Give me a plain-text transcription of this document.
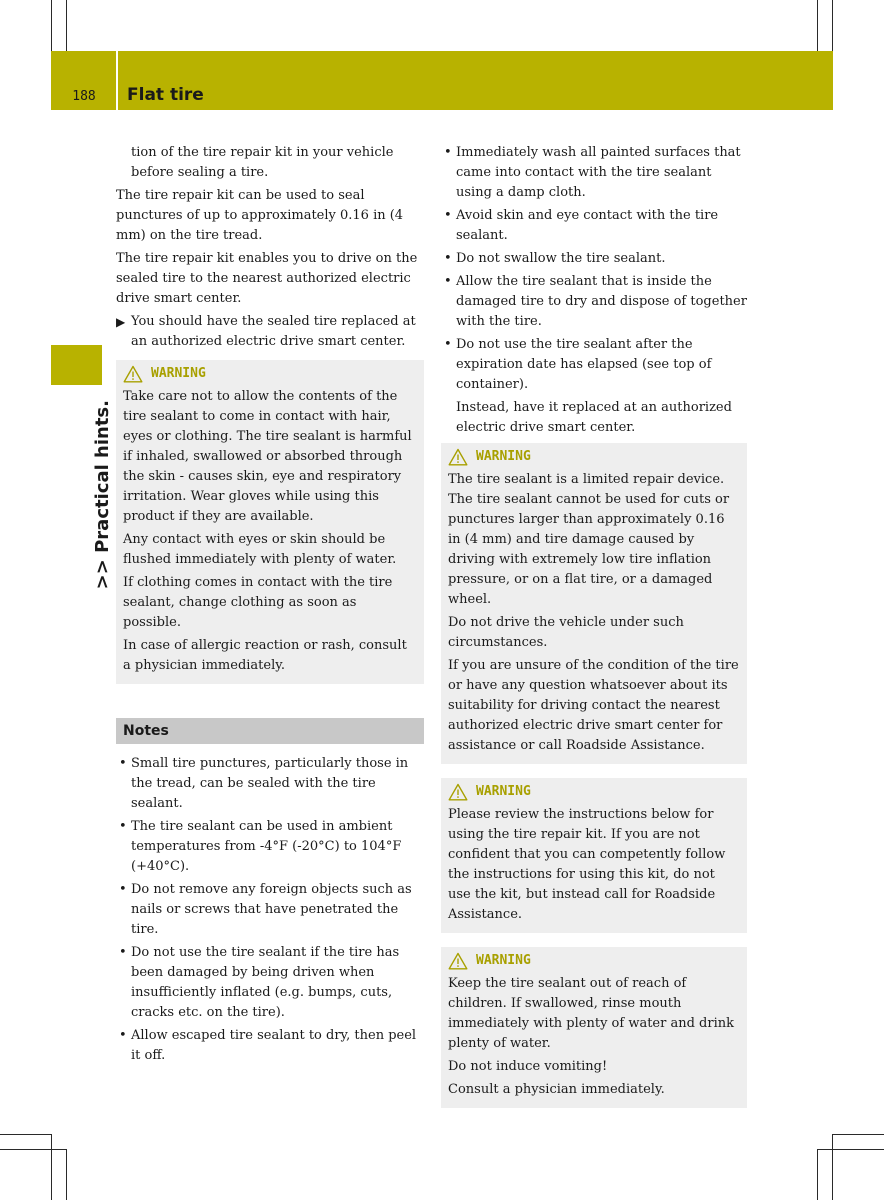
188	Flat tire
>> Practical hints.

tion of the tire repair kit in your vehicle before sealing a tire.

The tire repair kit can be used to seal punctures of up to approximately 0.16 in (4 mm) on the tire tread.

The tire repair kit enables you to drive on the sealed tire to the nearest authorized electric drive smart center.

▶ You should have the sealed tire replaced at an authorized electric drive smart center.
WARNING

Take care not to allow the contents of the tire sealant to come in contact with hair, eyes or clothing. The tire sealant is harmful if inhaled, swallowed or absorbed through the skin - causes skin, eye and respiratory irritation. Wear gloves while using this product if they are available.

Any contact with eyes or skin should be flushed immediately with plenty of water.

If clothing comes in contact with the tire sealant, change clothing as soon as possible.

In case of allergic reaction or rash, consult a physician immediately.

Notes
• Small tire punctures, particularly those in the tread, can be sealed with the tire sealant.
• The tire sealant can be used in ambient temperatures from -4°F (-20°C) to 104°F (+40°C).
• Do not remove any foreign objects such as nails or screws that have penetrated the tire.
• Do not use the tire sealant if the tire has been damaged by being driven when insufficiently inflated (e.g. bumps, cuts, cracks etc. on the tire).
• Allow escaped tire sealant to dry, then peel it off.
• Immediately wash all painted surfaces that came into contact with the tire sealant using a damp cloth.
• Avoid skin and eye contact with the tire sealant.
• Do not swallow the tire sealant.
• Allow the tire sealant that is inside the damaged tire to dry and dispose of together with the tire.
• Do not use the tire sealant after the expiration date has elapsed (see top of container).

Instead, have it replaced at an authorized electric drive smart center.

WARNING

The tire sealant is a limited repair device. The tire sealant cannot be used for cuts or punctures larger than approximately 0.16 in (4 mm) and tire damage caused by driving with extremely low tire inflation pressure, or on a flat tire, or a damaged wheel.

Do not drive the vehicle under such circumstances.

If you are unsure of the condition of the tire or have any question whatsoever about its suitability for driving contact the nearest authorized electric drive smart center for assistance or call Roadside Assistance.

WARNING

Please review the instructions below for using the tire repair kit. If you are not confident that you can competently follow the instructions for using this kit, do not use the kit, but instead call for Roadside Assistance.

WARNING

Keep the tire sealant out of reach of children. If swallowed, rinse mouth immediately with plenty of water and drink plenty of water.

Do not induce vomiting!

Consult a physician immediately.
